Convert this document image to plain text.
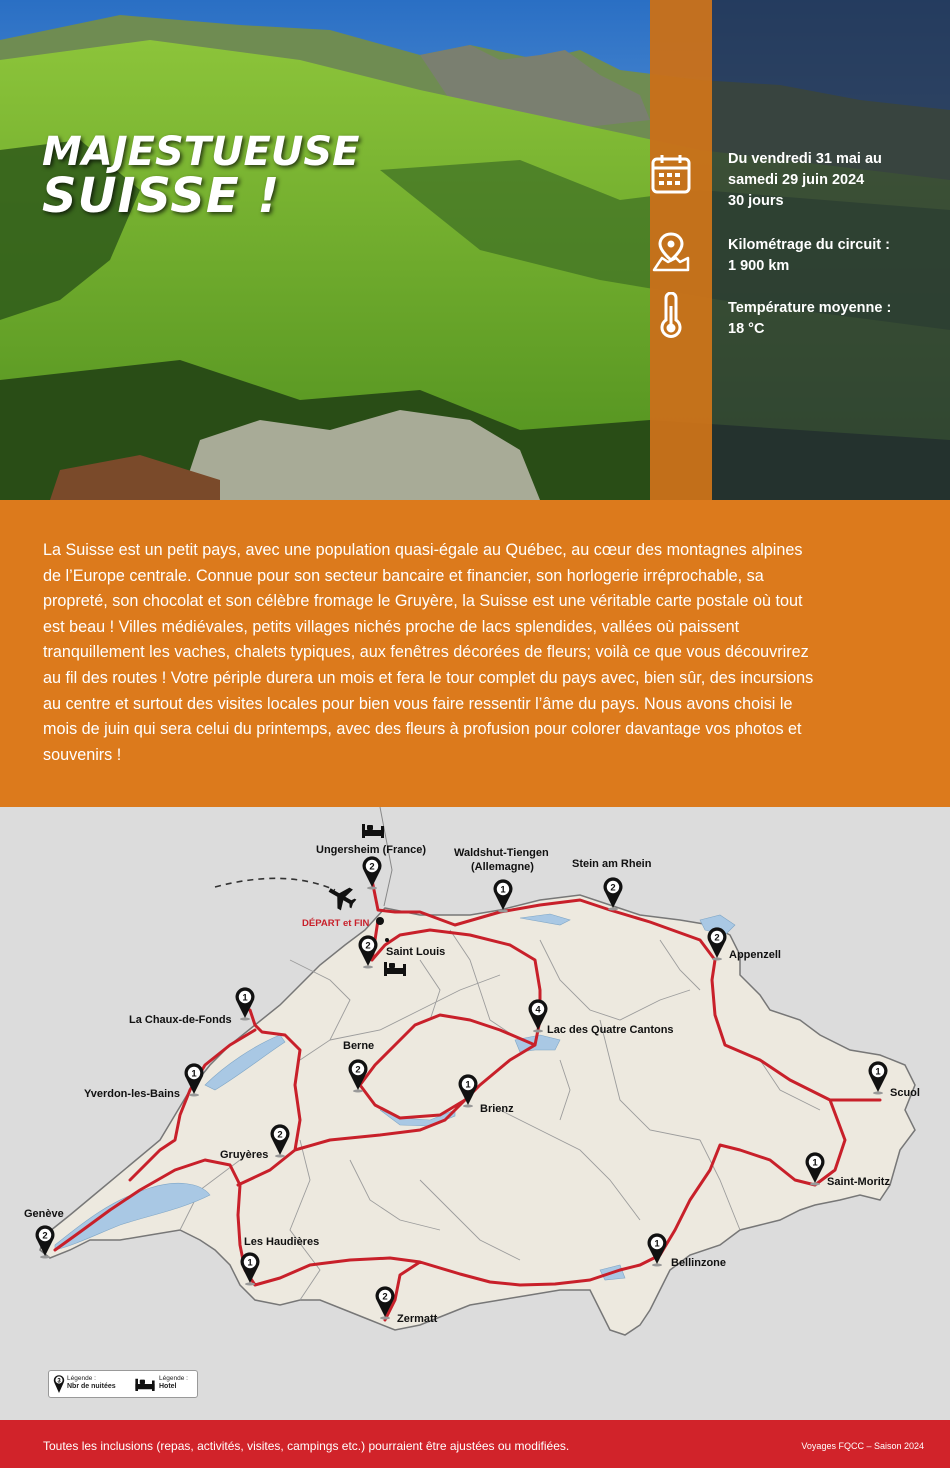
MAJESTUEUSE
SUISSE !
Du vendredi 31 mai au
samedi 29 juin 2024
30 jours
Kilométrage du circuit :
1 900 km
Température moyenne :
18 °C

La Suisse est un petit pays, avec une population quasi-égale au Québec, au cœur des montagnes alpines de l’Europe centrale. Connue pour son secteur bancaire et financier, son horlogerie irréprochable, sa propreté, son chocolat et son célèbre fromage le Gruyère, la Suisse est une véritable carte postale où tout est beau ! Villes médiévales, petits villages nichés proche de lacs splendides, vallées où paissent tranquillement les vaches, chalets typiques, aux fenêtres décorées de fleurs; voilà ce que vous découvrirez au fil des routes ! Votre périple durera un mois et fera le tour complet du pays avec, bien sûr, des incursions au centre et surtout des visites locales pour bien vous faire ressentir l’âme du pays. Nous avons choisi le mois de juin qui sera celui du printemps, avec des fleurs à profusion pour colorer davantage vos photos et souvenirs !

DÉPART et FIN
2
2
1	2
2
1
4
2
1
1
1
2
1
2
1
1
2
Ungersheim (France)
Saint Louis
Waldshut-Tiengen
(Allemagne)	Stein am Rhein
Appenzell
La Chaux-de-Fonds
Lac des Quatre Cantons
Berne
Yverdon-les-Bains
Brienz
Scuol
Gruyères
Saint-Moritz
Genève
Les Haudières
Bellinzone
Zermatt
3 Légende :
Nbr de nuitées
Légende :
Hotel
Toutes les inclusions (repas, activités, visites, campings etc.) pourraient être ajustées ou modifiées.	Voyages FQCC – Saison 2024
